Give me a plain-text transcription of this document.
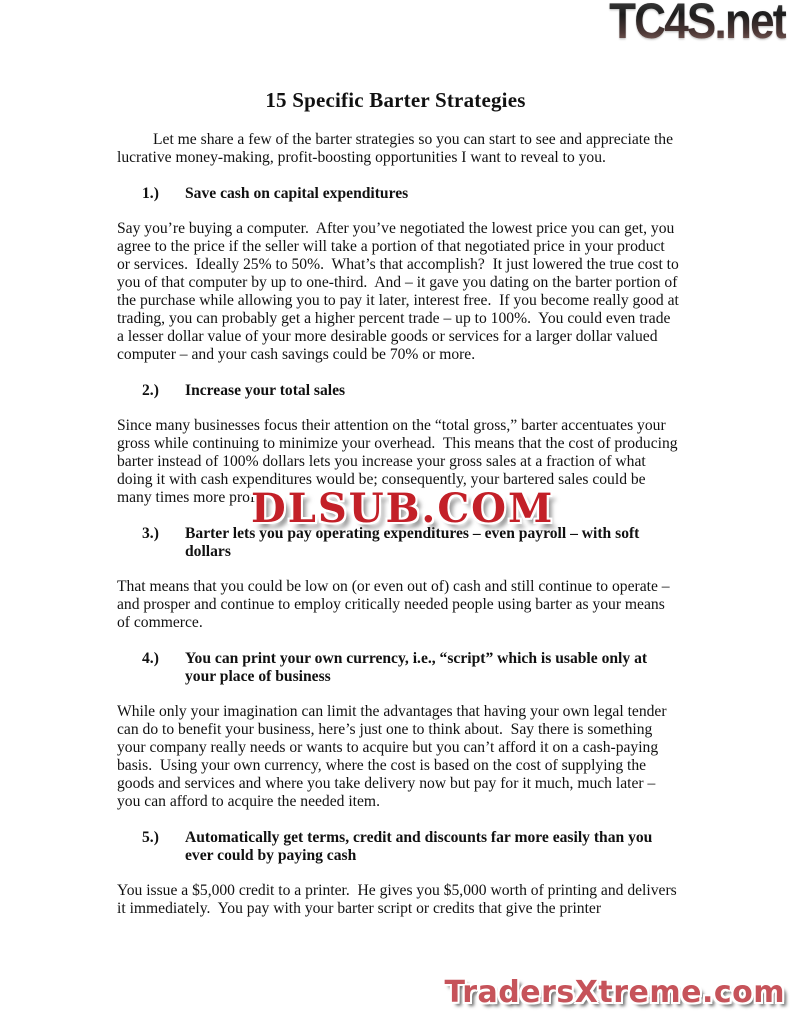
TC4S.net
15 Specific Barter Strategies

Let me share a few of the barter strategies so you can start to see and appreciate the lucrative money-making, profit-boosting opportunities I want to reveal to you.

1.)	Save cash on capital expenditures

Say you’re buying a computer.  After you’ve negotiated the lowest price you can get, you agree to the price if the seller will take a portion of that negotiated price in your product or services.  Ideally 25% to 50%.  What’s that accomplish?  It just lowered the true cost to you of that computer by up to one-third.  And – it gave you dating on the barter portion of the purchase while allowing you to pay it later, interest free.  If you become really good at trading, you can probably get a higher percent trade – up to 100%.  You could even trade a lesser dollar value of your more desirable goods or services for a larger dollar valued computer – and your cash savings could be 70% or more.

2.)	Increase your total sales

Since many businesses focus their attention on the “total gross,” barter accentuates your gross while continuing to minimize your overhead.  This means that the cost of producing barter instead of 100% dollars lets you increase your gross sales at a fraction of what doing it with cash expenditures would be; consequently, your bartered sales could be many times more profi

3.)	Barter lets you pay operating expenditures – even payroll – with soft dollars

That means that you could be low on (or even out of) cash and still continue to operate – and prosper and continue to employ critically needed people using barter as your means of commerce.

4.)	You can print your own currency, i.e., “script” which is usable only at your place of business

While only your imagination can limit the advantages that having your own legal tender can do to benefit your business, here’s just one to think about.  Say there is something your company really needs or wants to acquire but you can’t afford it on a cash-paying basis.  Using your own currency, where the cost is based on the cost of supplying the goods and services and where you take delivery now but pay for it much, much later – you can afford to acquire the needed item.

5.)	Automatically get terms, credit and discounts far more easily than you ever could by paying cash

You issue a $5,000 credit to a printer.  He gives you $5,000 worth of printing and delivers it immediately.  You pay with your barter script or credits that give the printer

DLSUB.COM
TradersXtreme.com
